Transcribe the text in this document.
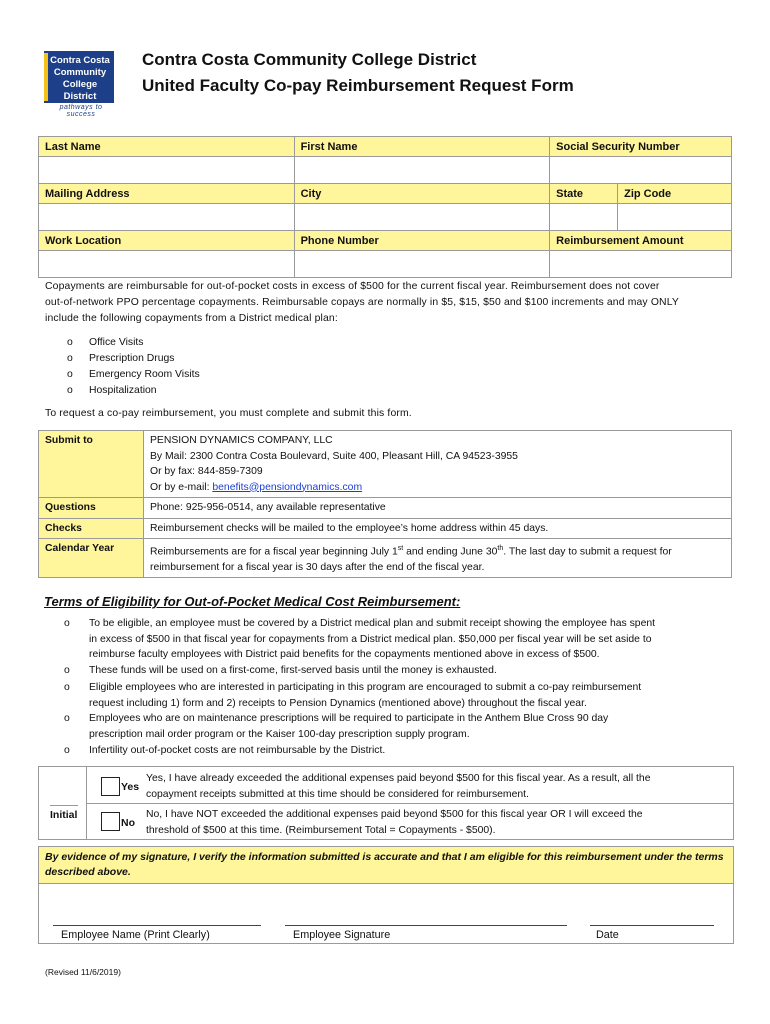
Contra Costa
Community
College District
pathways to success
Contra Costa Community College District
United Faculty Co-pay Reimbursement Request Form
Last Name	First Name	Social Security Number	

Mailing Address	City	State	Zip Code

Work Location	Phone Number	Reimbursement Amount	

Copayments are reimbursable for out-of-pocket costs in excess of $500 for the current fiscal year. Reimbursement does not cover
out-of-network PPO percentage copayments. Reimbursable copays are normally in $5, $15, $50 and $100 increments and may ONLY
include the following copayments from a District medical plan:
o Office Visits
o Prescription Drugs
o Emergency Room Visits
o Hospitalization
To request a co-pay reimbursement, you must complete and submit this form.
Submit to	PENSION DYNAMICS COMPANY, LLC
By Mail: 2300 Contra Costa Boulevard, Suite 400, Pleasant Hill, CA 94523-3955
Or by fax: 844-859-7309
Or by e-mail: benefits@pensiondynamics.com

Questions	Phone: 925-956-0514, any available representative
Checks	Reimbursement checks will be mailed to the employee’s home address within 45 days.
Calendar Year	Reimbursements are for a fiscal year beginning July 1st and ending June 30th. The last day to submit a request for
reimbursement for a fiscal year is 30 days after the end of the fiscal year.
Terms of Eligibility for Out-of-Pocket Medical Cost Reimbursement:
o To be eligible, an employee must be covered by a District medical plan and submit receipt showing the employee has spent
in excess of $500 in that fiscal year for copayments from a District medical plan. $50,000 per fiscal year will be set aside to
reimburse faculty employees with District paid benefits for the copayments mentioned above in excess of $500.
o These funds will be used on a first-come, first-served basis until the money is exhausted.
o Eligible employees who are interested in participating in this program are encouraged to submit a co-pay reimbursement
request including 1) form and 2) receipts to Pension Dynamics (mentioned above) throughout the fiscal year.
o Employees who are on maintenance prescriptions will be required to participate in the Anthem Blue Cross 90 day
prescription mail order program or the Kaiser 100-day prescription supply program.
o Infertility out-of-pocket costs are not reimbursable by the District.
Initial
Yes
Yes, I have already exceeded the additional expenses paid beyond $500 for this fiscal year. As a result, all the
copayment receipts submitted at this time should be considered for reimbursement.
No
No, I have NOT exceeded the additional expenses paid beyond $500 for this fiscal year OR I will exceed the
threshold of $500 at this time. (Reimbursement Total = Copayments - $500).
By evidence of my signature, I verify the information submitted is accurate and that I am eligible for this reimbursement under the terms
described above.
Employee Name (Print Clearly)	Employee Signature	Date
(Revised 11/6/2019)
